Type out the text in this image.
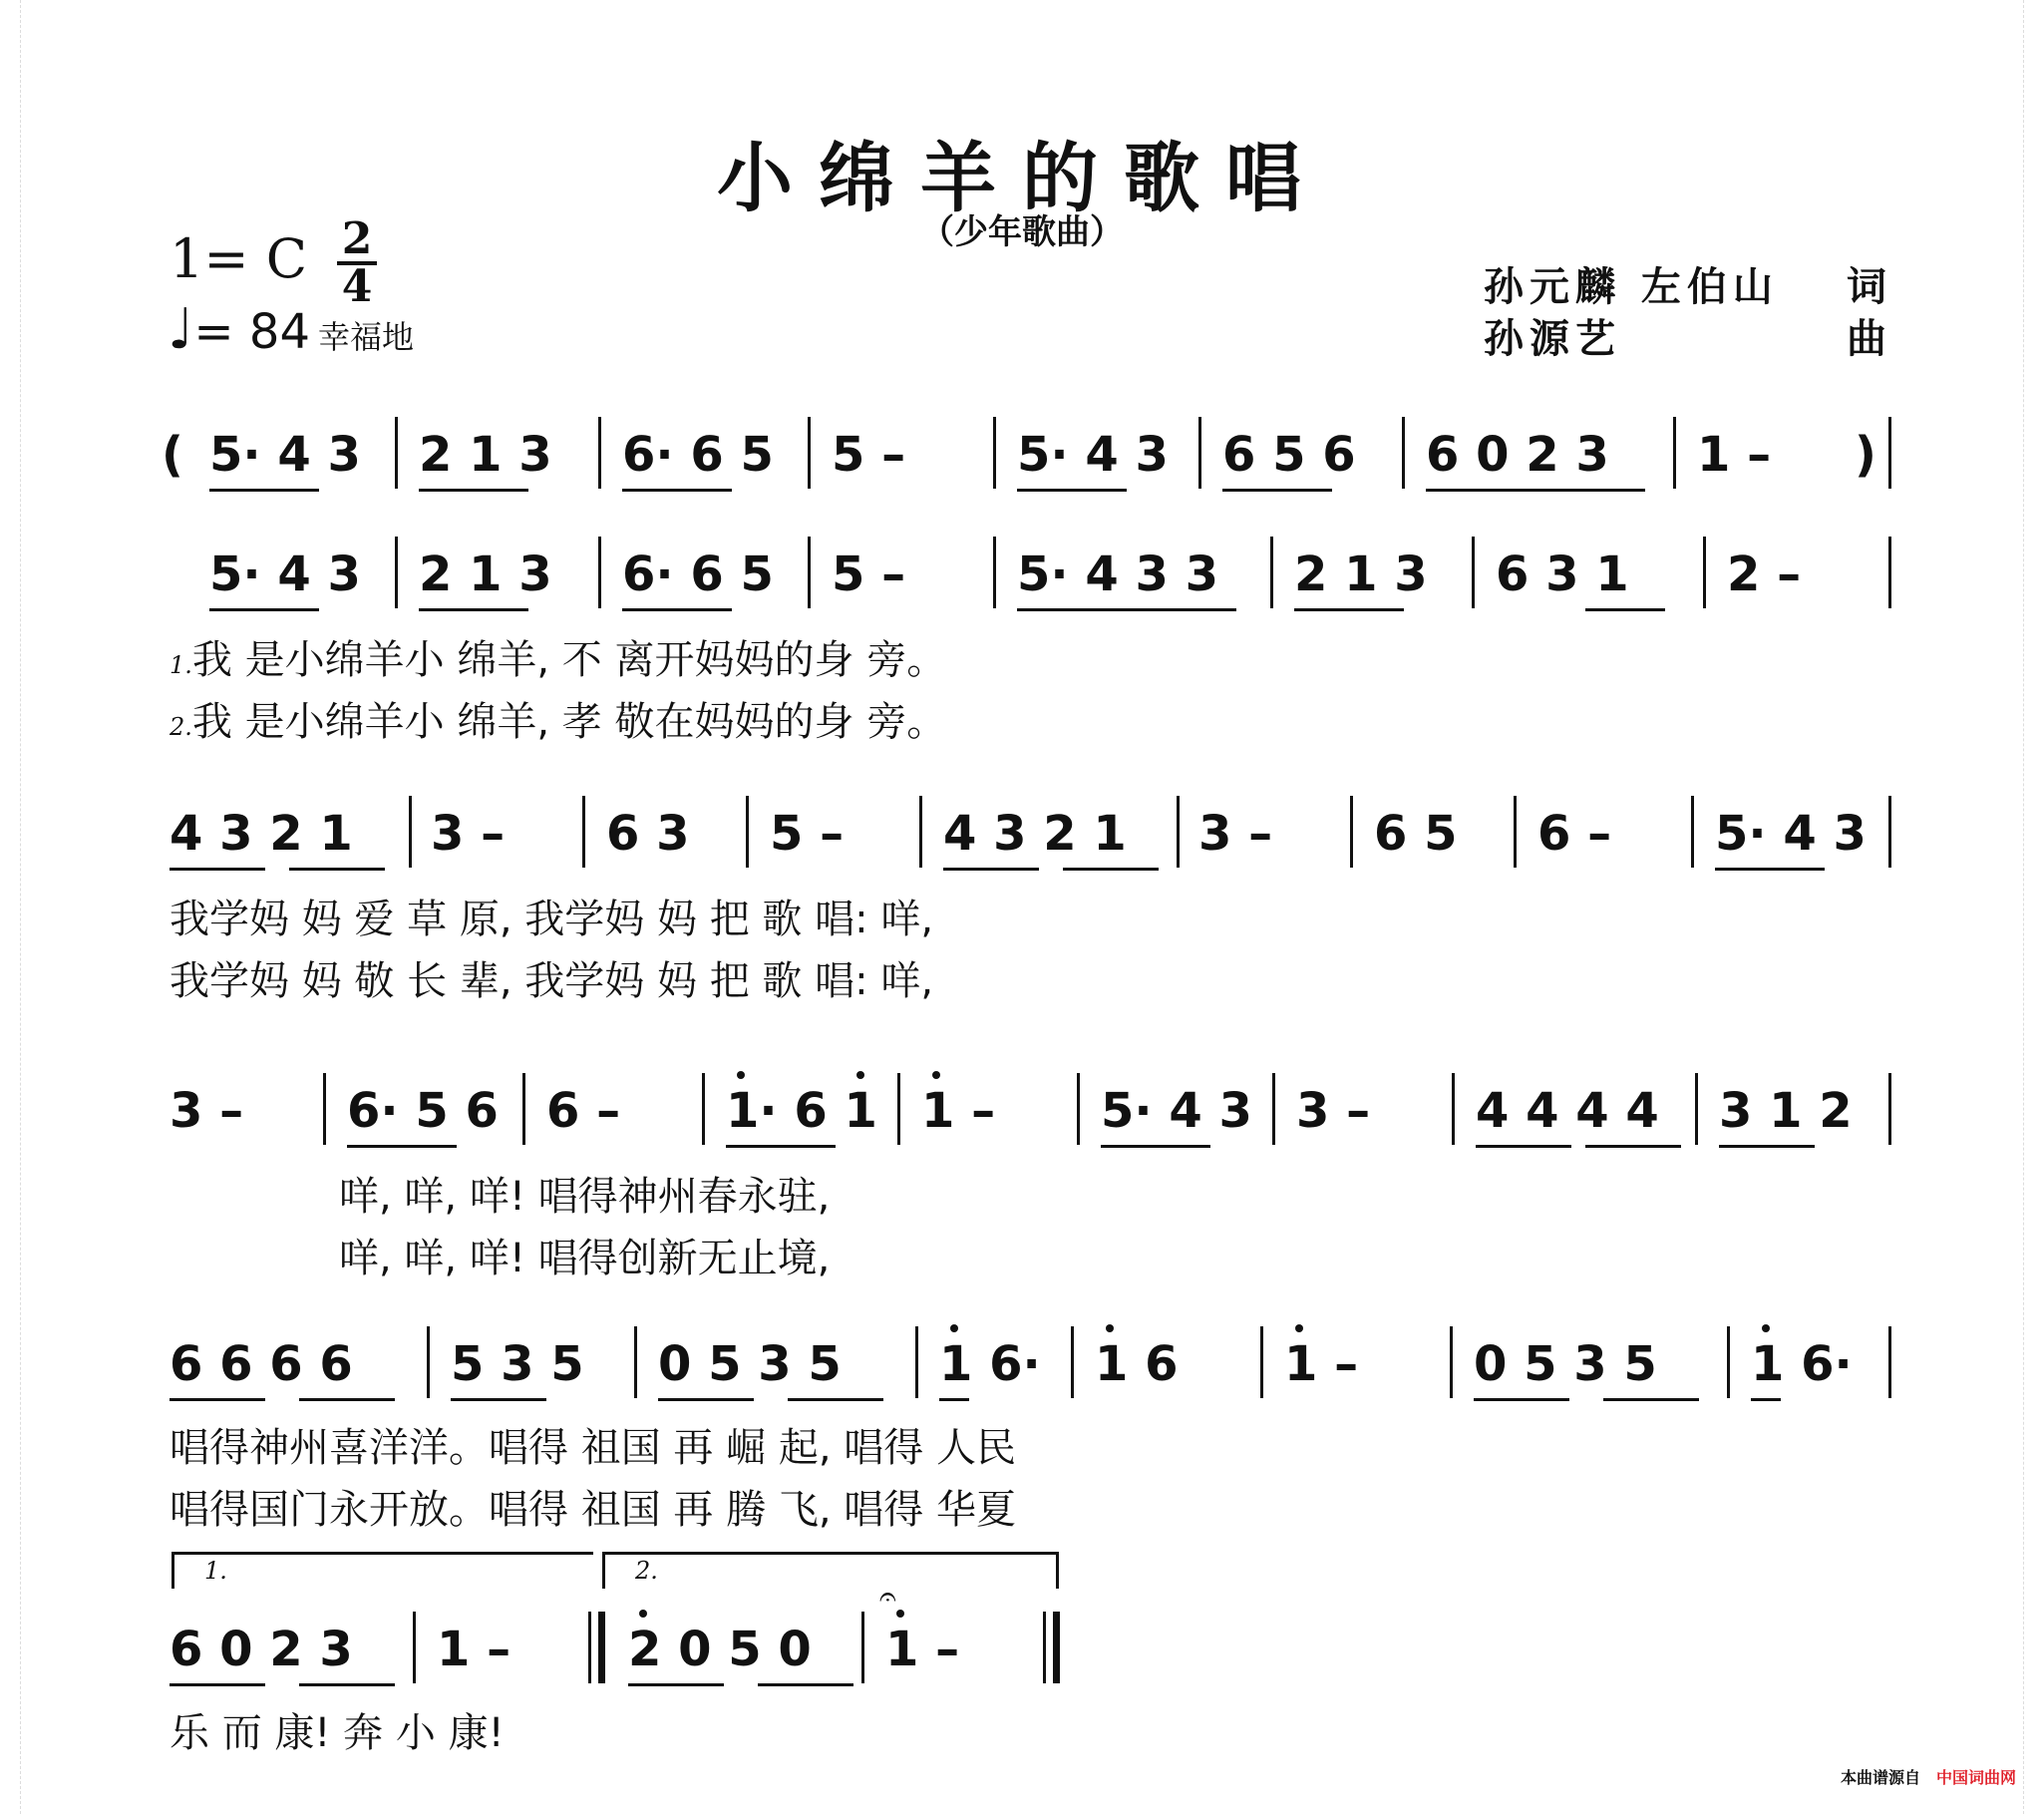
小绵羊的歌唱
（少年歌曲）
1= C 2
4
♩= 84 幸福地
孙元麟 左伯山 词
孙源艺	曲
( 5· 4 3 2 1 3 6· 6 5 5 – 5· 4 3 6 5 6 6 0 2 3 1 – )
5· 4 3 2 1 3 6· 6 5 5 – 5· 4 3 3 2 1 3 6 3 1 2 –
1.我 是小绵羊小 绵羊, 不 离开妈妈的身 旁。
2.我 是小绵羊小 绵羊, 孝 敬在妈妈的身 旁。
4 3 2 1 3 – 6 3 5 – 4 3 2 1 3 – 6 5 6 – 5· 4 3
我学妈 妈 爱 草 原, 我学妈 妈 把 歌 唱: 咩,
我学妈 妈 敬 长 辈, 我学妈 妈 把 歌 唱: 咩,
3 – 6· 5 6 6 – 1· 6 1 1 – 5· 4 3 3 – 4 4 4 4 3 1 2
咩, 咩, 咩! 唱得神州春永驻,
咩, 咩, 咩! 唱得创新无止境,
6 6 6 6 5 3 5 0 5 3 5 1 6· 1 6 1 – 0 5 3 5 1 6·
唱得神州喜洋洋。唱得 祖国 再 崛 起, 唱得 人民
唱得国门永开放。唱得 祖国 再 腾 飞, 唱得 华夏
1.	2.
6 0 2 3 1 – 2 0 5 0 1 –
𝄐
乐 而 康! 奔 小 康!
本曲谱源自 中国词曲网
